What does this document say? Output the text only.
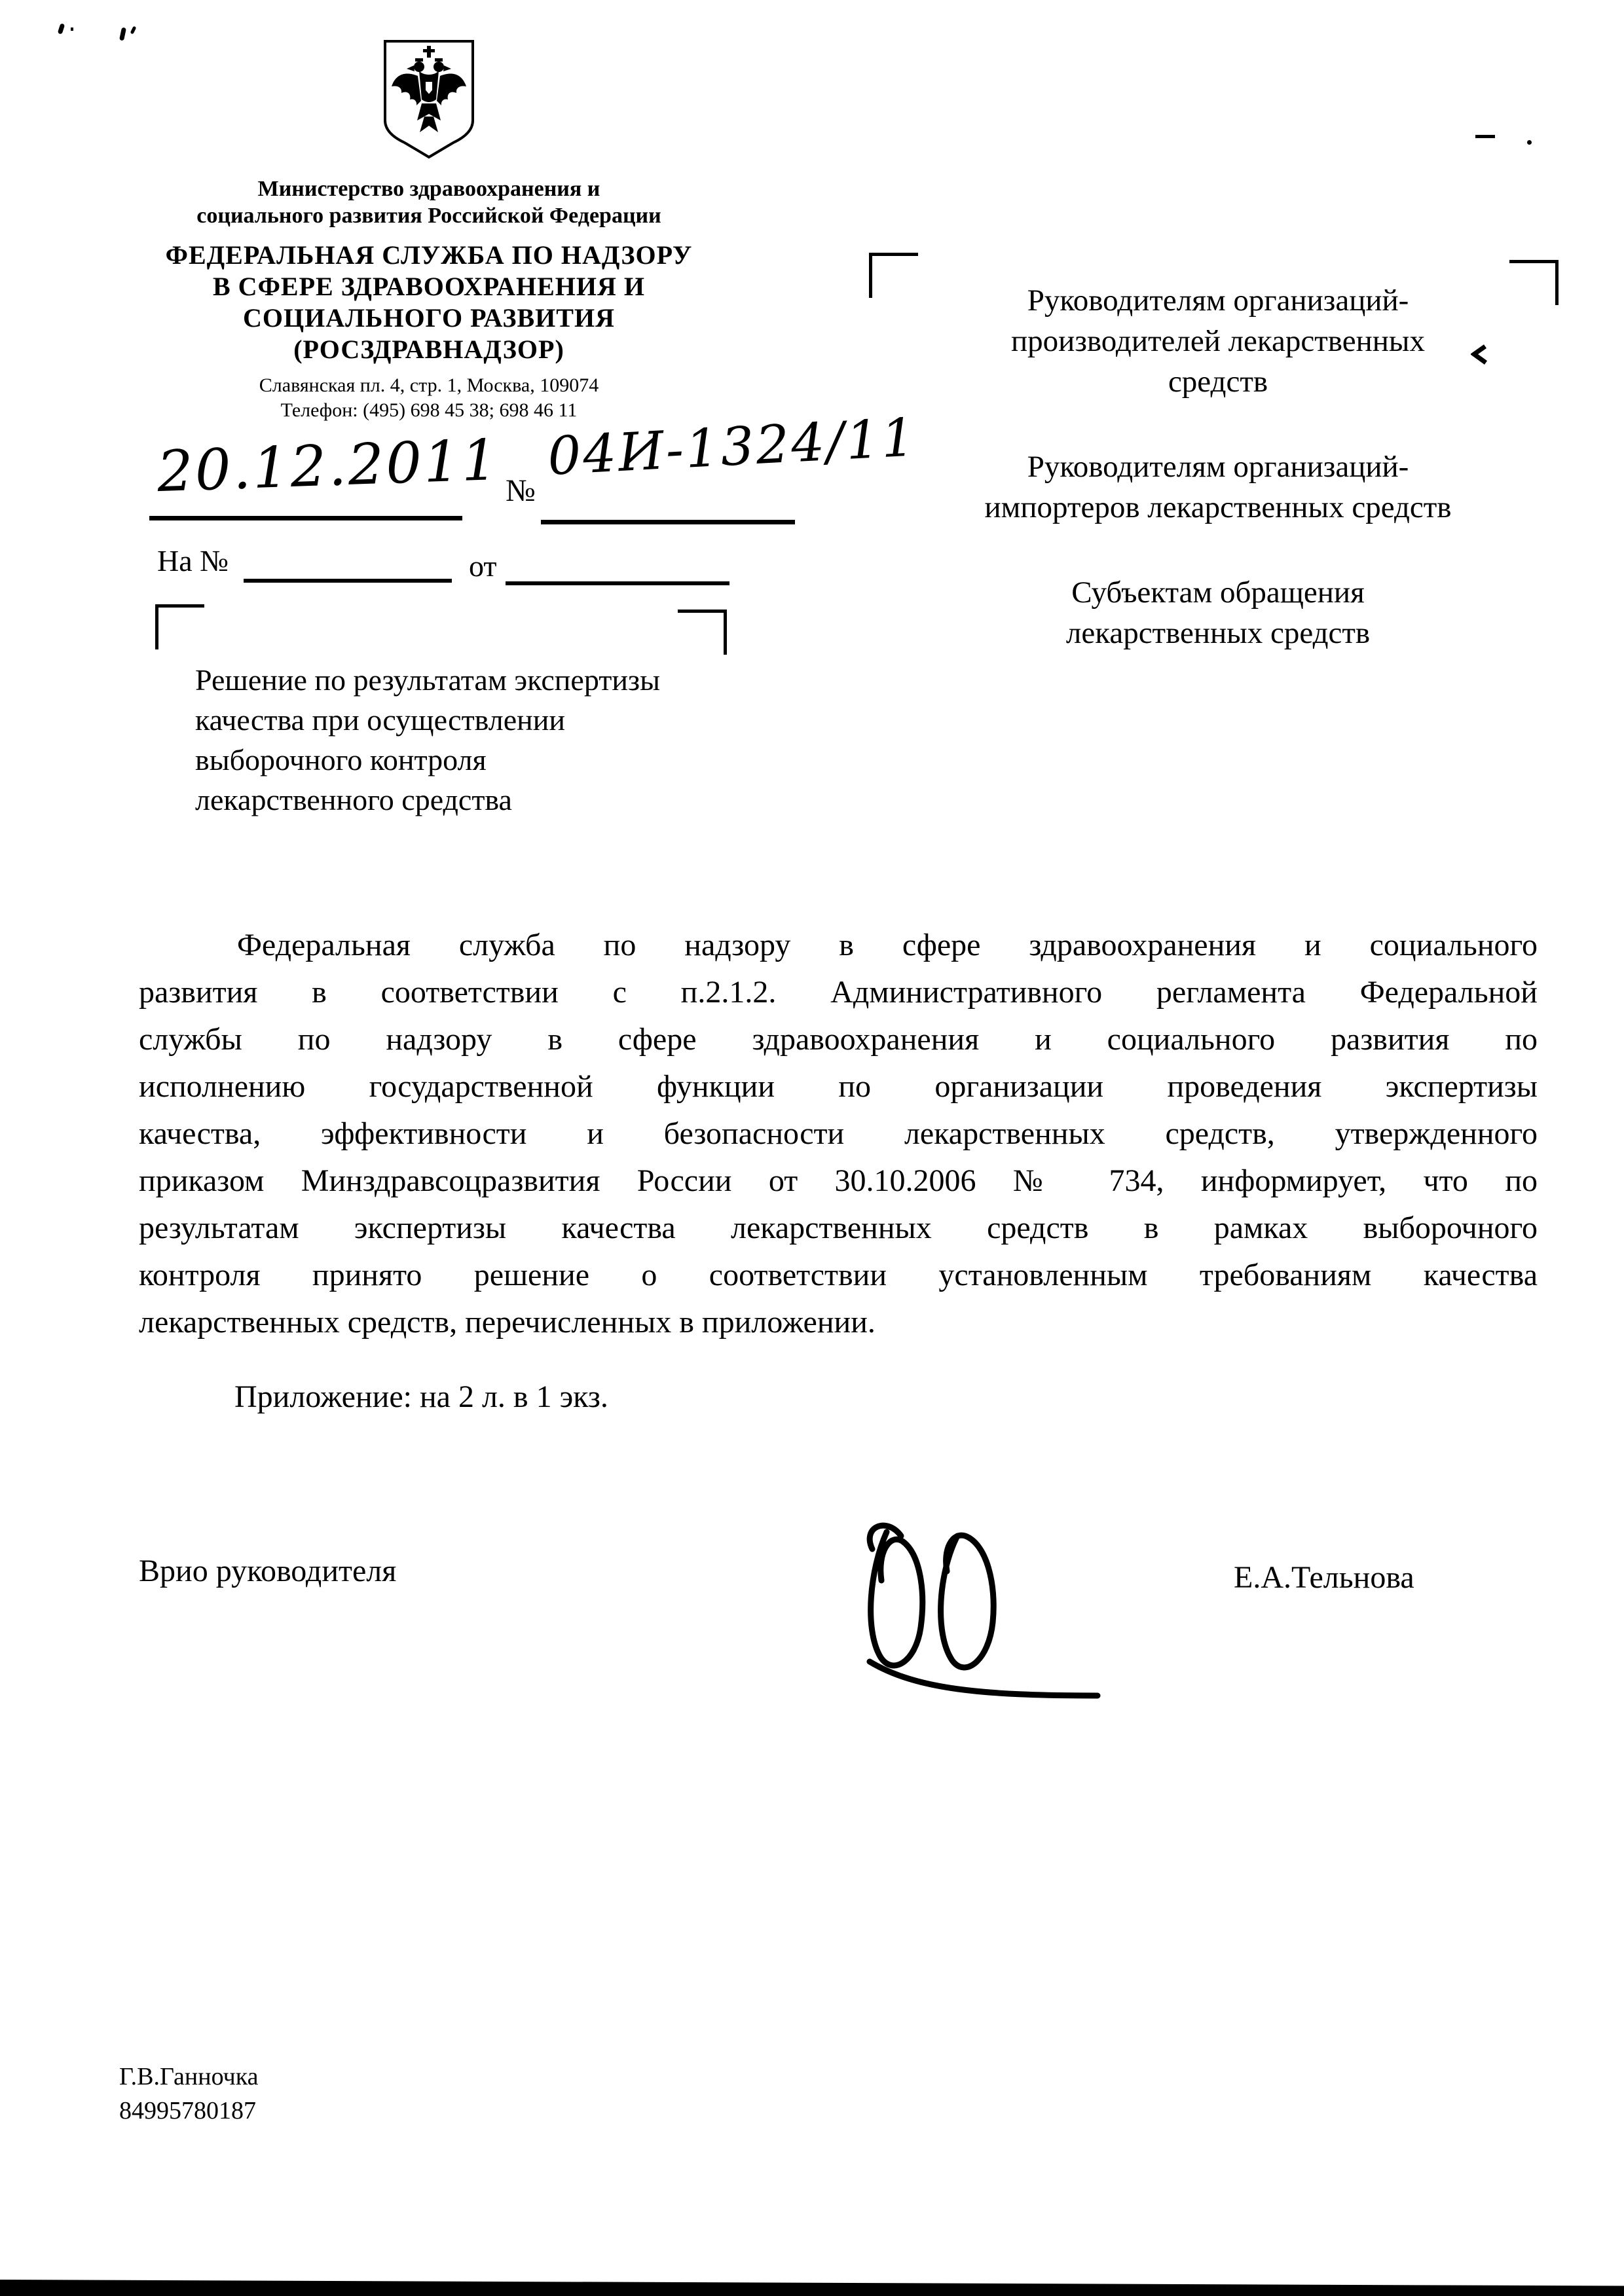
Министерство здравоохранения и
социального развития Российской Федерации
ФЕДЕРАЛЬНАЯ СЛУЖБА ПО НАДЗОРУ
В СФЕРЕ ЗДРАВООХРАНЕНИЯ И
СОЦИАЛЬНОГО РАЗВИТИЯ
(РОСЗДРАВНАДЗОР)
Славянская пл. 4, стр. 1, Москва, 109074
Телефон: (495) 698 45 38; 698 46 11
20.12.2011 №
04И-1324/11
На №	от
Решение по результатам экспертизы
качества при осуществлении
выборочного контроля
лекарственного средства
Руководителям организаций-
производителей лекарственных
средств
Руководителям организаций-
импортеров лекарственных средств
Субъектам обращения
лекарственных средств
Федеральная служба по надзору в сфере здравоохранения и социального
развития в соответствии с п.2.1.2. Административного регламента Федеральной
службы по надзору в сфере здравоохранения и социального развития по
исполнению государственной функции по организации проведения экспертизы
качества, эффективности и безопасности лекарственных средств, утвержденного
приказом Минздравсоцразвития России от 30.10.2006 № 734, информирует, что по
результатам экспертизы качества лекарственных средств в рамках выборочного
контроля принято решение о соответствии установленным требованиям качества
лекарственных средств, перечисленных в приложении.
Приложение: на 2 л. в 1 экз.
Врио руководителя	Е.А.Тельнова
Г.В.Ганночка
84995780187
